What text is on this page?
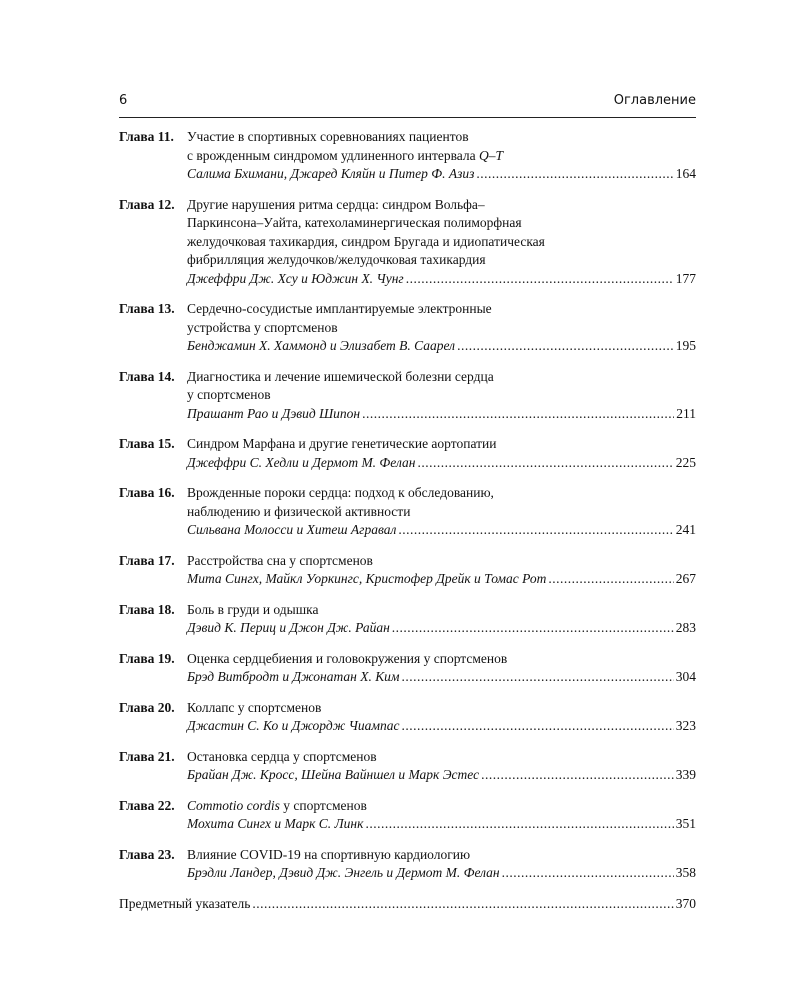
6	Оглавление
Глава 11. Участие в спортивных соревнованиях пациентов
с врожденным синдромом удлиненного интервала Q–T
Салима Бхимани, Джаред Кляйн и Питер Ф. Азиз .....	164
Глава 12. Другие нарушения ритма сердца: синдром Вольфа–
Паркинсона–Уайта, катехоламинергическая полиморфная
желудочковая тахикардия, синдром Бругада и идиопатическая
фибрилляция желудочков/желудочковая тахикардия
Джеффри Дж. Хсу и Юджин Х. Чунг .....	177
Глава 13. Сердечно-сосудистые имплантируемые электронные
устройства у спортсменов
Бенджамин Х. Хаммонд и Элизабет В. Саарел .....	195
Глава 14. Диагностика и лечение ишемической болезни сердца
у спортсменов
Прашант Рао и Дэвид Шипон .....	211
Глава 15. Синдром Марфана и другие генетические аортопатии
Джеффри С. Хедли и Дермот М. Фелан .....	225
Глава 16. Врожденные пороки сердца: подход к обследованию,
наблюдению и физической активности
Сильвана Молосси и Хитеш Агравал .....	241
Глава 17. Расстройства сна у спортсменов
Мита Сингх, Майкл Уоркингс, Кристофер Дрейк и Томас Рот .....	267
Глава 18. Боль в груди и одышка
Дэвид К. Периц и Джон Дж. Райан .....	283
Глава 19. Оценка сердцебиения и головокружения у спортсменов
Брэд Витбродт и Джонатан Х. Ким .....	304
Глава 20. Коллапс у спортсменов
Джастин С. Ко и Джордж Чиампас .....	323
Глава 21. Остановка сердца у спортсменов
Брайан Дж. Кросс, Шейна Вайншел и Марк Эстес .....	339
Глава 22. Commotio cordis у спортсменов
Мохита Сингх и Марк С. Линк .....	351
Глава 23. Влияние COVID-19 на спортивную кардиологию
Брэдли Ландер, Дэвид Дж. Энгель и Дермот М. Фелан .....	358
Предметный указатель .....	370
